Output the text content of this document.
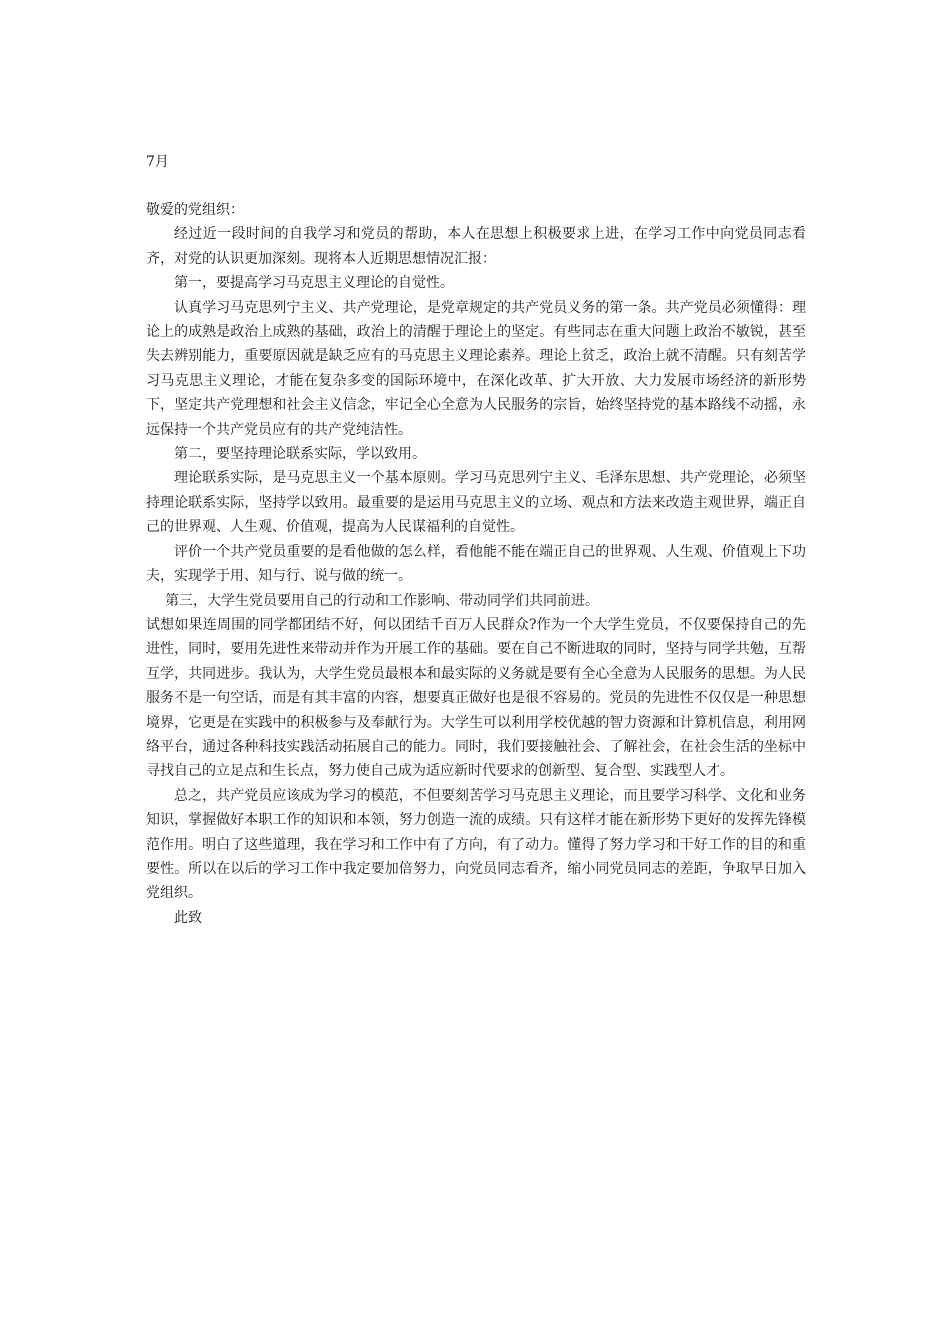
7月

敬爱的党组织：

经过近一段时间的自我学习和党员的帮助，本人在思想上积极要求上进，在学习工作中向党员同志看齐，对党的认识更加深刻。现将本人近期思想情况汇报：

第一，要提高学习马克思主义理论的自觉性。

认真学习马克思列宁主义、共产党理论，是党章规定的共产党员义务的第一条。共产党员必须懂得：理论上的成熟是政治上成熟的基础，政治上的清醒于理论上的坚定。有些同志在重大问题上政治不敏锐，甚至失去辨别能力，重要原因就是缺乏应有的马克思主义理论素养。理论上贫乏，政治上就不清醒。只有刻苦学习马克思主义理论，才能在复杂多变的国际环境中，在深化改革、扩大开放、大力发展市场经济的新形势下，坚定共产党理想和社会主义信念，牢记全心全意为人民服务的宗旨，始终坚持党的基本路线不动摇，永远保持一个共产党员应有的共产党纯洁性。

第二，要坚持理论联系实际，学以致用。

理论联系实际，是马克思主义一个基本原则。学习马克思列宁主义、毛泽东思想、共产党理论，必须坚持理论联系实际，坚持学以致用。最重要的是运用马克思主义的立场、观点和方法来改造主观世界，端正自己的世界观、人生观、价值观，提高为人民谋福利的自觉性。

评价一个共产党员重要的是看他做的怎么样，看他能不能在端正自己的世界观、人生观、价值观上下功夫，实现学于用、知与行、说与做的统一。

第三，大学生党员要用自己的行动和工作影响、带动同学们共同前进。

试想如果连周围的同学都团结不好，何以团结千百万人民群众?作为一个大学生党员，不仅要保持自己的先进性，同时，要用先进性来带动并作为开展工作的基础。要在自己不断进取的同时，坚持与同学共勉，互帮互学，共同进步。我认为，大学生党员最根本和最实际的义务就是要有全心全意为人民服务的思想。为人民服务不是一句空话，而是有其丰富的内容，想要真正做好也是很不容易的。党员的先进性不仅仅是一种思想境界，它更是在实践中的积极参与及奉献行为。大学生可以利用学校优越的智力资源和计算机信息，利用网络平台，通过各种科技实践活动拓展自己的能力。同时，我们要接触社会、了解社会，在社会生活的坐标中寻找自己的立足点和生长点，努力使自己成为适应新时代要求的创新型、复合型、实践型人才。

总之，共产党员应该成为学习的模范，不但要刻苦学习马克思主义理论，而且要学习科学、文化和业务知识，掌握做好本职工作的知识和本领，努力创造一流的成绩。只有这样才能在新形势下更好的发挥先锋模范作用。明白了这些道理，我在学习和工作中有了方向，有了动力。懂得了努力学习和干好工作的目的和重要性。所以在以后的学习工作中我定要加倍努力，向党员同志看齐，缩小同党员同志的差距，争取早日加入党组织。

此致
